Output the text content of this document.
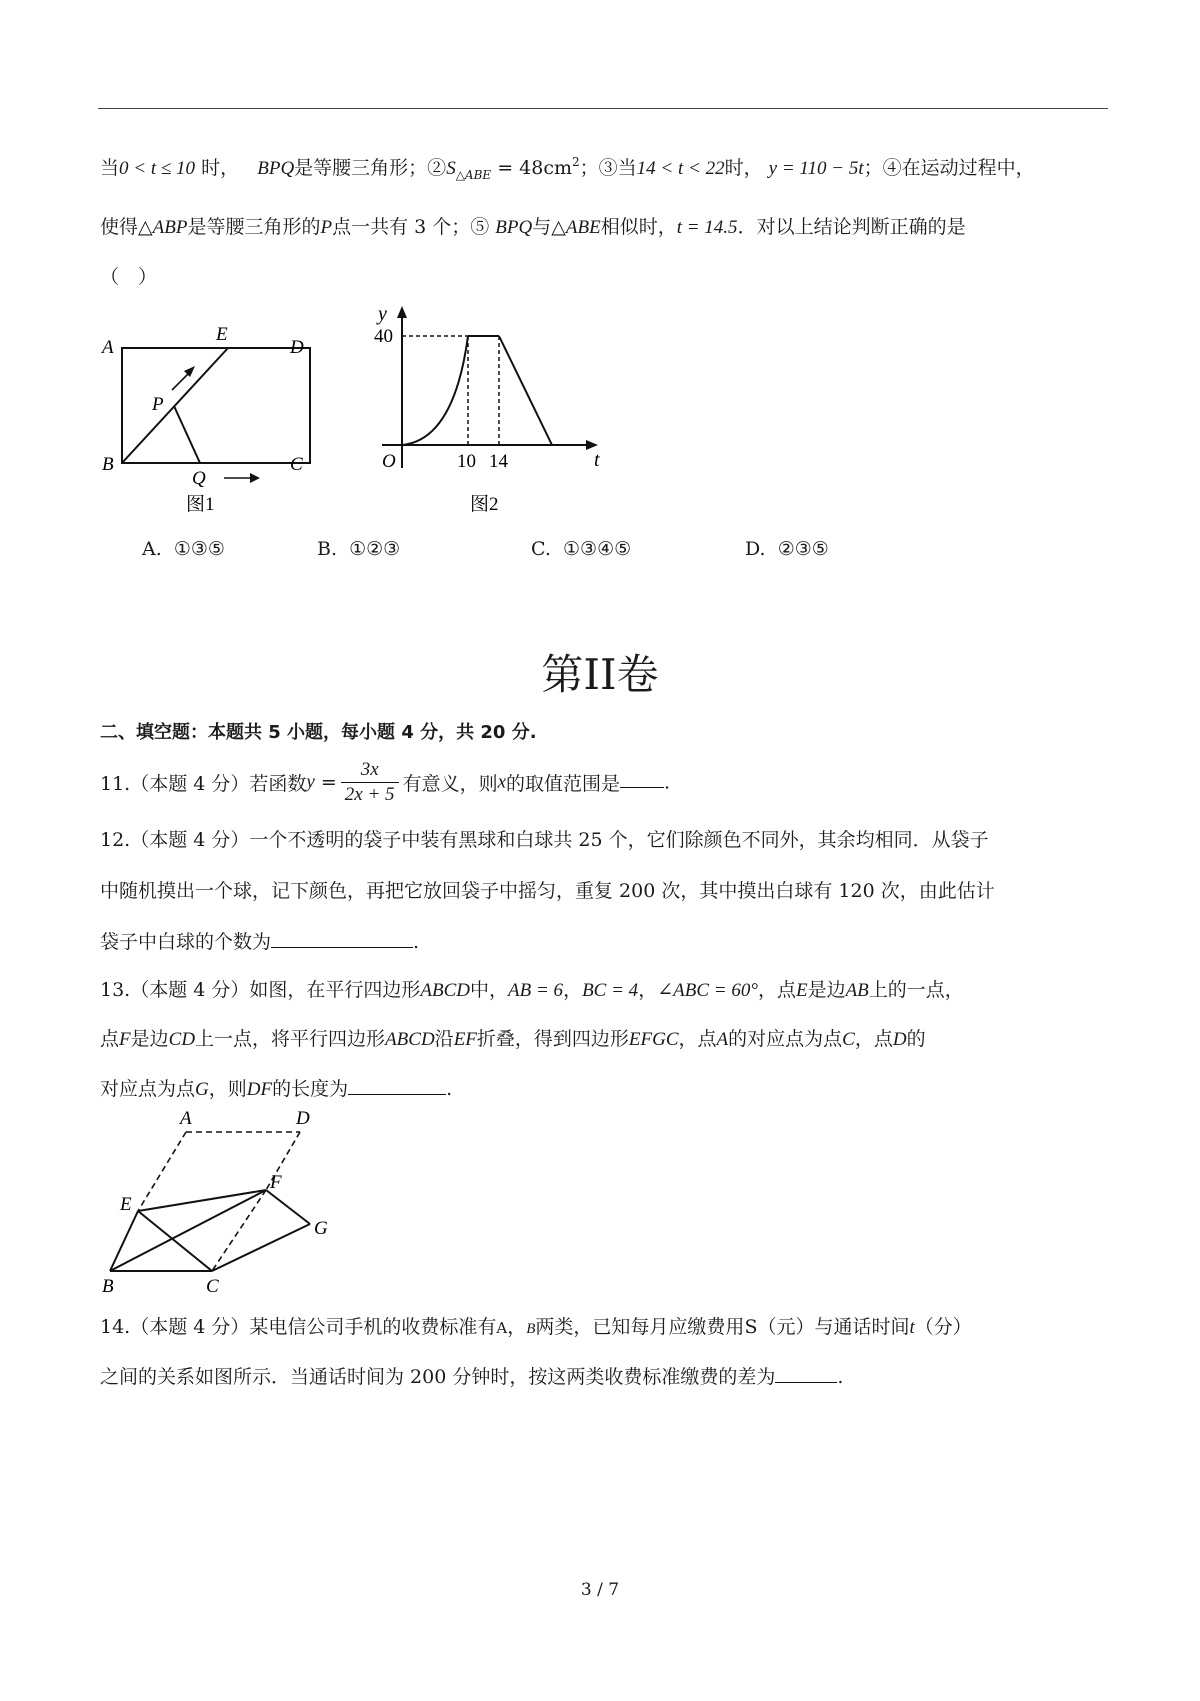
当0 < t ≤ 10 时， BPQ是等腰三角形；$②S_{\triangle ABE} = 48cm^2$；③当14 < t < 22时， y = 110 − 5t；④在运动过程中，
使得△ABP是等腰三角形的P点一共有 3 个；⑤ BPQ与△ABE相似时，t = 14.5．对以上结论判断正确的是
（　）
A
E
D
P
B
Q
C
图1
y
t
O
40
10 14
图2
A. ①③⑤	B. ①②③	C. ①③④⑤	D. ②③⑤
第II卷
二、填空题：本题共 5 小题，每小题 4 分，共 20 分.
11.（本题 4 分）若函数$y = \frac{3x}{2x + 5}$ 有意义，则x的取值范围是 .
12.（本题 4 分）一个不透明的袋子中装有黑球和白球共 25 个，它们除颜色不同外，其余均相同．从袋子
中随机摸出一个球，记下颜色，再把它放回袋子中摇匀，重复 200 次，其中摸出白球有 120 次，由此估计
袋子中白球的个数为	.
13.（本题 4 分）如图，在平行四边形ABCD中，AB = 6，BC = 4，∠ABC = 60°，点E是边AB上的一点，
点F是边CD上一点，将平行四边形ABCD沿EF折叠，得到四边形EFGC，点A的对应点为点C，点D的
对应点为点G，则DF的长度为	.
A	D
E
F
G
B	C
14.（本题 4 分）某电信公司手机的收费标准有A，B两类，已知每月应缴费用S（元）与通话时间t（分）
之间的关系如图所示．当通话时间为 200 分钟时，按这两类收费标准缴费的差为	.
3 / 7
